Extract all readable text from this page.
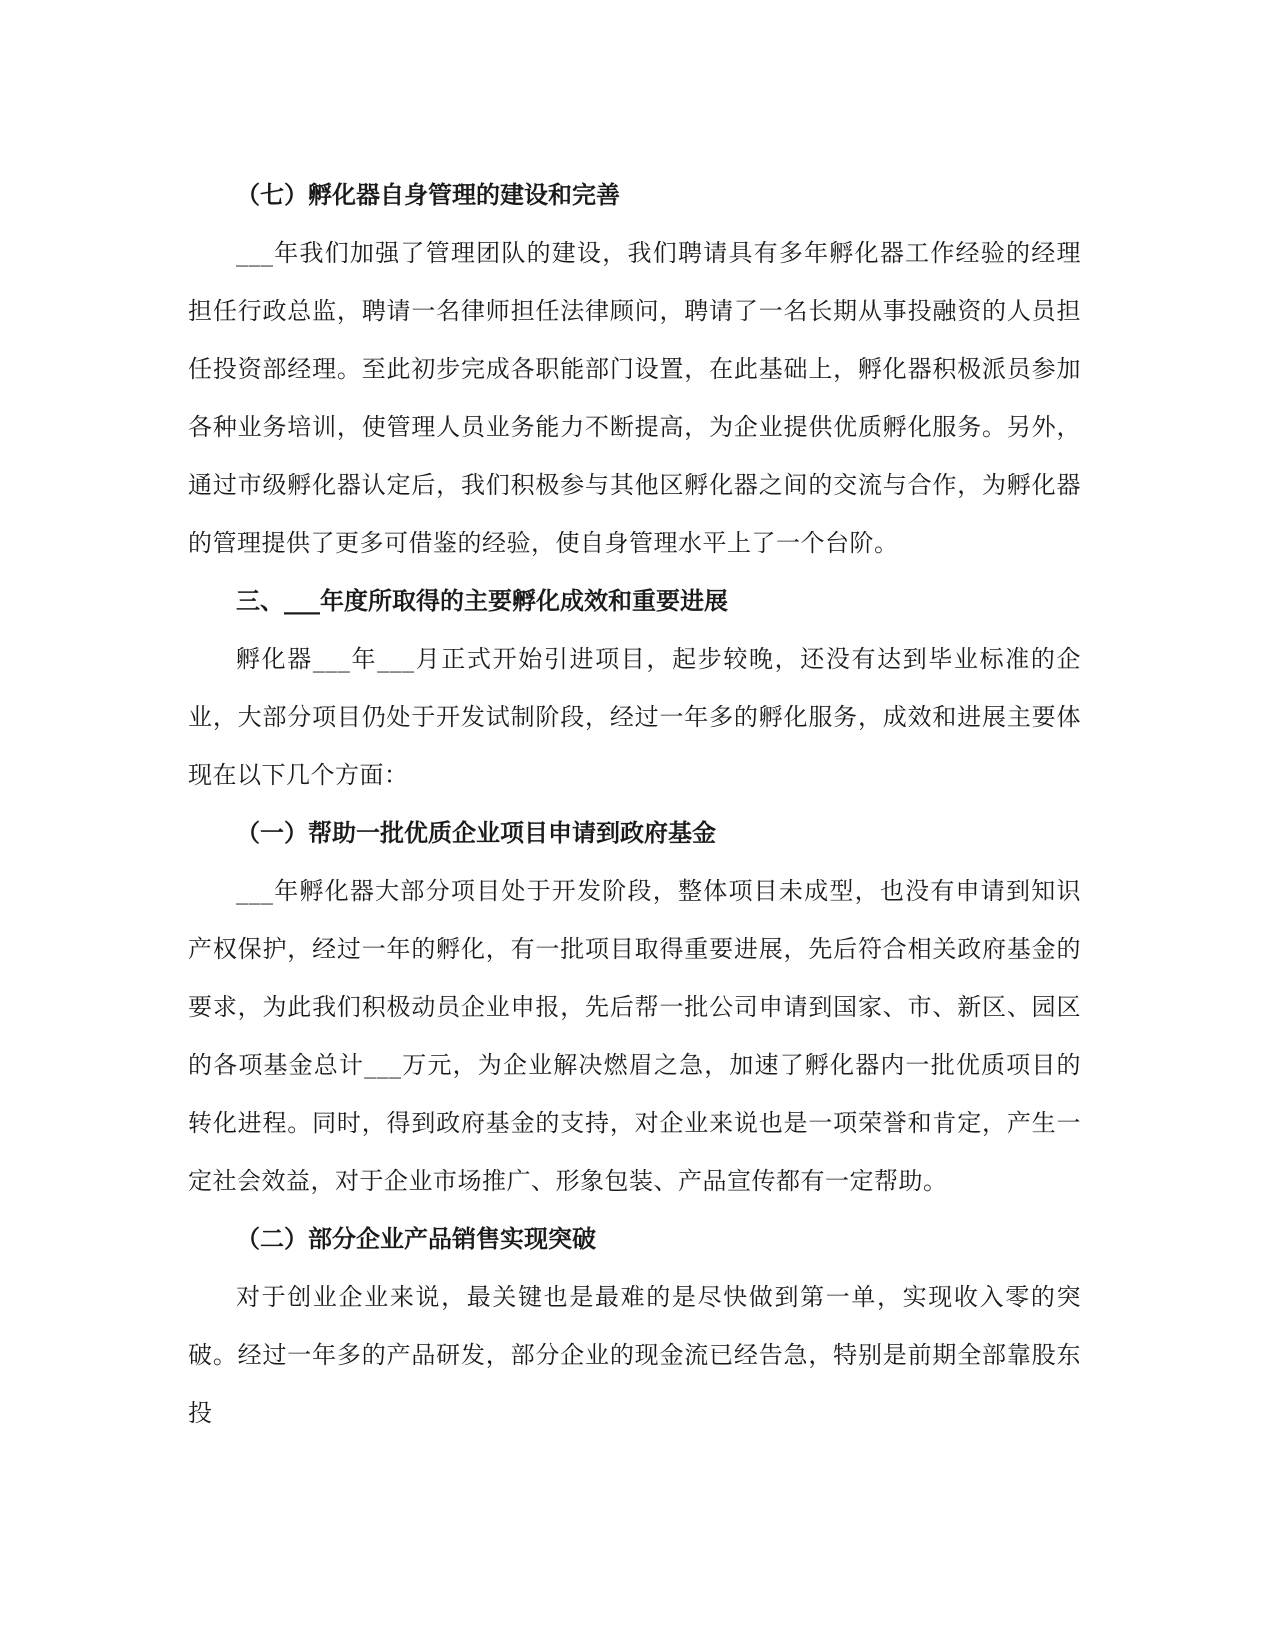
（七）孵化器自身管理的建设和完善

___年我们加强了管理团队的建设，我们聘请具有多年孵化器工作经验的经理担任行政总监，聘请一名律师担任法律顾问，聘请了一名长期从事投融资的人员担任投资部经理。至此初步完成各职能部门设置，在此基础上，孵化器积极派员参加各种业务培训，使管理人员业务能力不断提高，为企业提供优质孵化服务。另外，通过市级孵化器认定后，我们积极参与其他区孵化器之间的交流与合作，为孵化器的管理提供了更多可借鉴的经验，使自身管理水平上了一个台阶。

三、___年度所取得的主要孵化成效和重要进展

孵化器___年___月正式开始引进项目，起步较晚，还没有达到毕业标准的企业，大部分项目仍处于开发试制阶段，经过一年多的孵化服务，成效和进展主要体现在以下几个方面：

（一）帮助一批优质企业项目申请到政府基金

___年孵化器大部分项目处于开发阶段，整体项目未成型，也没有申请到知识产权保护，经过一年的孵化，有一批项目取得重要进展，先后符合相关政府基金的要求，为此我们积极动员企业申报，先后帮一批公司申请到国家、市、新区、园区的各项基金总计___万元，为企业解决燃眉之急，加速了孵化器内一批优质项目的转化进程。同时，得到政府基金的支持，对企业来说也是一项荣誉和肯定，产生一定社会效益，对于企业市场推广、形象包装、产品宣传都有一定帮助。

（二）部分企业产品销售实现突破

对于创业企业来说，最关键也是最难的是尽快做到第一单，实现收入零的突破。经过一年多的产品研发，部分企业的现金流已经告急，特别是前期全部靠股东投
